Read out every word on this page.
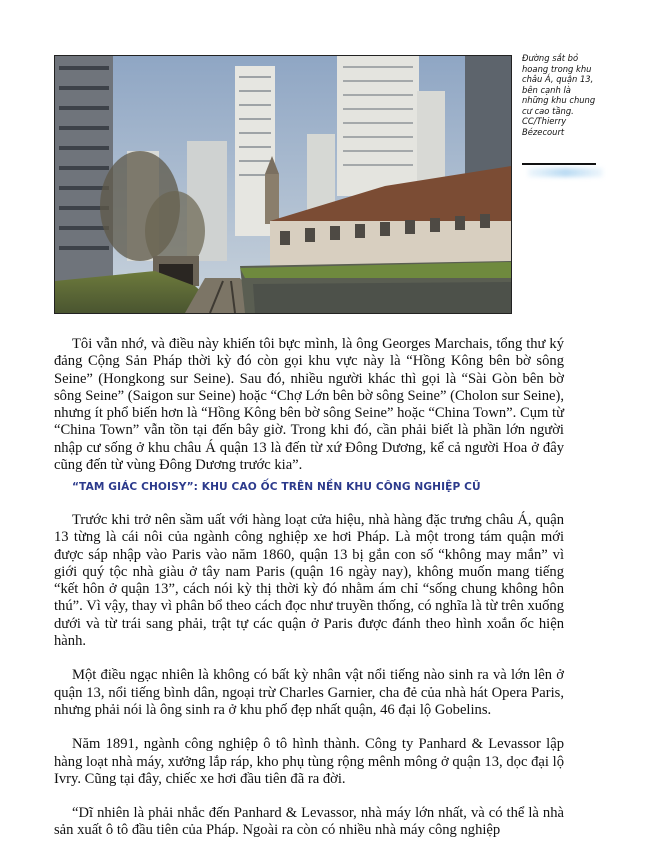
Đường sắt bỏ hoang trong khu châu Á, quận 13, bên cạnh là những khu chung cư cao tầng. CC/Thierry Bézecourt

Tôi vẫn nhớ, và điều này khiến tôi bực mình, là ông Georges Marchais, tổng thư ký đảng Cộng Sản Pháp thời kỳ đó còn gọi khu vực này là “Hồng Kông bên bờ sông Seine” (Hongkong sur Seine). Sau đó, nhiều người khác thì gọi là “Sài Gòn bên bờ sông Seine” (Saigon sur Seine) hoặc “Chợ Lớn bên bờ sông Seine” (Cholon sur Seine), nhưng ít phổ biến hơn là “Hồng Kông bên bờ sông Seine” hoặc “China Town”. Cụm từ “China Town” vẫn tồn tại đến bây giờ. Trong khi đó, cần phải biết là phần lớn người nhập cư sống ở khu châu Á quận 13 là đến từ xứ Đông Dương, kể cả người Hoa ở đây cũng đến từ vùng Đông Dương trước kia”.

“TAM GIÁC CHOISY”: KHU CAO ỐC TRÊN NỀN KHU CÔNG NGHIỆP CŨ

Trước khi trở nên sầm uất với hàng loạt cửa hiệu, nhà hàng đặc trưng châu Á, quận 13 từng là cái nôi của ngành công nghiệp xe hơi Pháp. Là một trong tám quận mới được sáp nhập vào Paris vào năm 1860, quận 13 bị gắn con số “không may mắn” vì giới quý tộc nhà giàu ở tây nam Paris (quận 16 ngày nay), không muốn mang tiếng “kết hôn ở quận 13”, cách nói kỳ thị thời kỳ đó nhằm ám chỉ “sống chung không hôn thú”. Vì vậy, thay vì phân bổ theo cách đọc như truyền thống, có nghĩa là từ trên xuống dưới và từ trái sang phải, trật tự các quận ở Paris được đánh theo hình xoắn ốc hiện hành.

Một điều ngạc nhiên là không có bất kỳ nhân vật nổi tiếng nào sinh ra và lớn lên ở quận 13, nổi tiếng bình dân, ngoại trừ Charles Garnier, cha đẻ của nhà hát Opera Paris, nhưng phải nói là ông sinh ra ở khu phố đẹp nhất quận, 46 đại lộ Gobelins.

Năm 1891, ngành công nghiệp ô tô hình thành. Công ty Panhard & Levassor lập hàng loạt nhà máy, xưởng lắp ráp, kho phụ tùng rộng mênh mông ở quận 13, dọc đại lộ Ivry. Cũng tại đây, chiếc xe hơi đầu tiên đã ra đời.

“Dĩ nhiên là phải nhắc đến Panhard & Levassor, nhà máy lớn nhất, và có thể là nhà sản xuất ô tô đầu tiên của Pháp. Ngoài ra còn có nhiều nhà máy công nghiệp
